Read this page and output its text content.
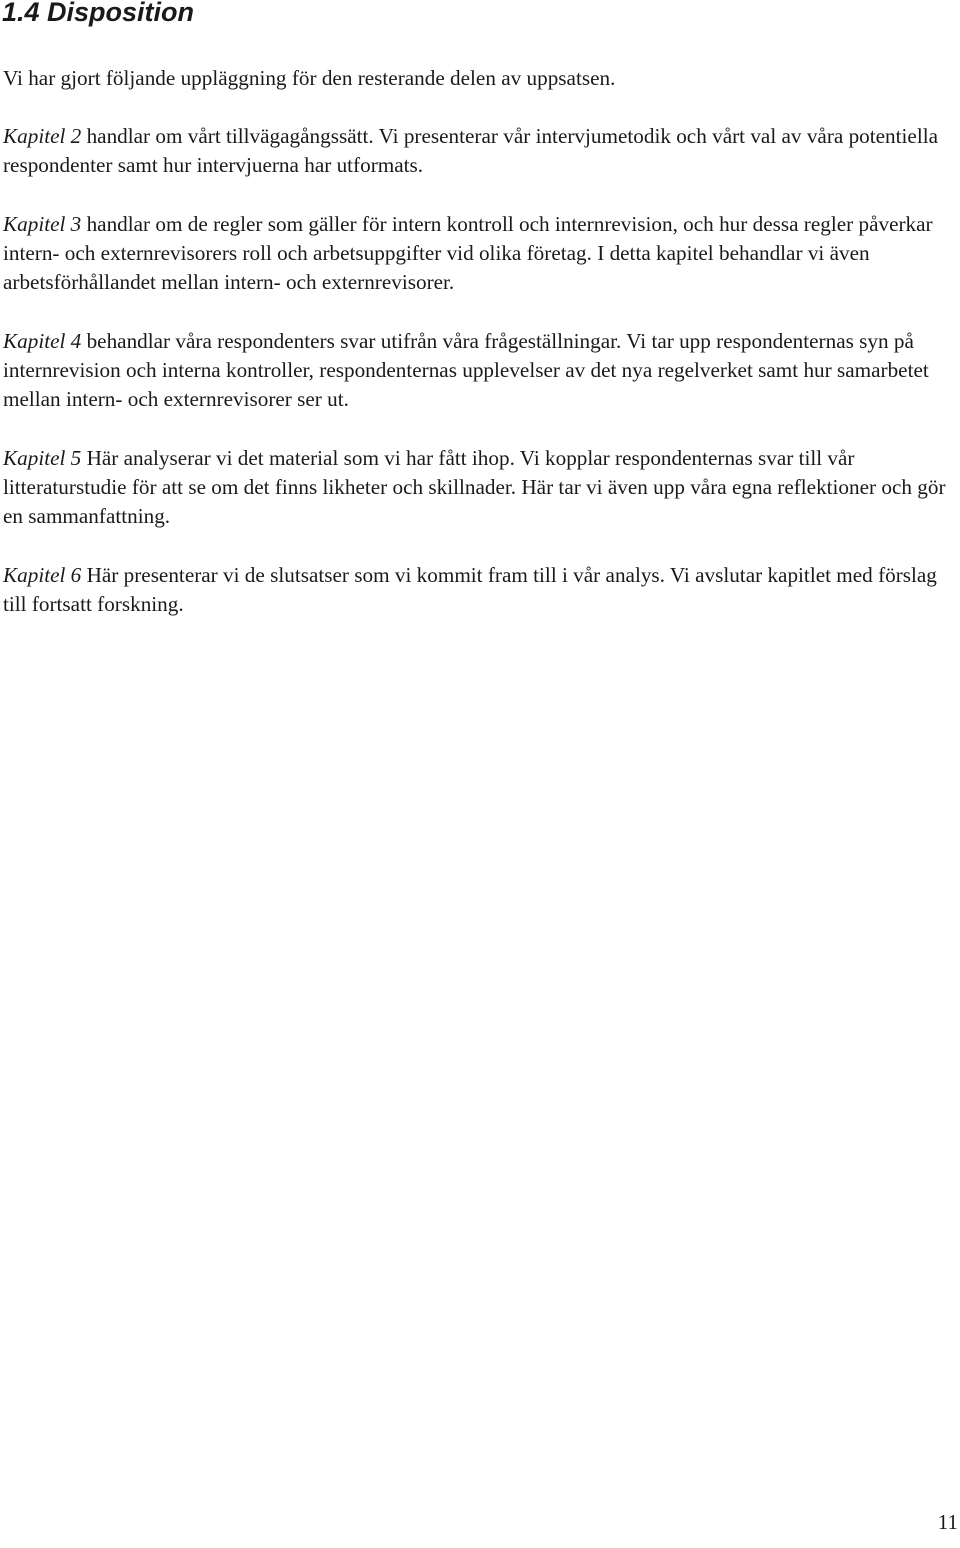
1.4 Disposition

Vi har gjort följande uppläggning för den resterande delen av uppsatsen.

Kapitel 2 handlar om vårt tillvägagångssätt. Vi presenterar vår intervjumetodik och vårt val av våra potentiella respondenter samt hur intervjuerna har utformats.

Kapitel 3 handlar om de regler som gäller för intern kontroll och internrevision, och hur dessa regler påverkar intern- och externrevisorers roll och arbetsuppgifter vid olika företag. I detta kapitel behandlar vi även arbetsförhållandet mellan intern- och externrevisorer.

Kapitel 4 behandlar våra respondenters svar utifrån våra frågeställningar. Vi tar upp respondenternas syn på internrevision och interna kontroller, respondenternas upplevelser av det nya regelverket samt hur samarbetet mellan intern- och externrevisorer ser ut.

Kapitel 5 Här analyserar vi det material som vi har fått ihop. Vi kopplar respondenternas svar till vår litteraturstudie för att se om det finns likheter och skillnader. Här tar vi även upp våra egna reflektioner och gör en sammanfattning.

Kapitel 6 Här presenterar vi de slutsatser som vi kommit fram till i vår analys. Vi avslutar kapitlet med förslag till fortsatt forskning.

11
